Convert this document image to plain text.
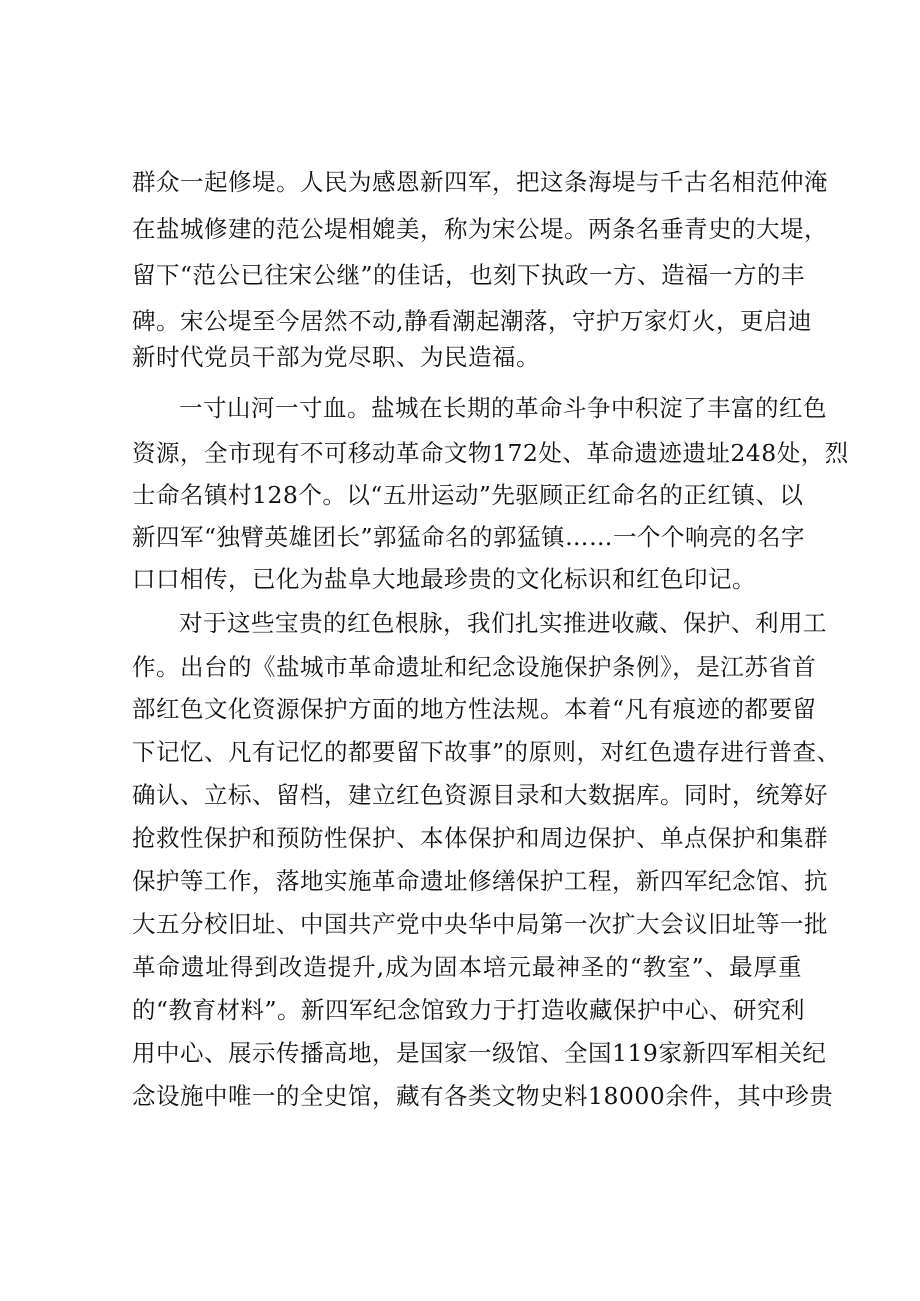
群众一起修堤。人民为感恩新四军，把这条海堤与千古名相范仲淹
在盐城修建的范公堤相媲美，称为宋公堤。两条名垂青史的大堤，
留下“范公已往宋公继”的佳话，也刻下执政一方、造福一方的丰
碑。宋公堤至今居然不动,静看潮起潮落，守护万家灯火，更启迪
新时代党员干部为党尽职、为民造福。
一寸山河一寸血。盐城在长期的革命斗争中积淀了丰富的红色
资源，全市现有不可移动革命文物172处、革命遗迹遗址248处，烈
士命名镇村128个。以“五卅运动”先驱顾正红命名的正红镇、以
新四军“独臂英雄团长”郭猛命名的郭猛镇……一个个响亮的名字
口口相传，已化为盐阜大地最珍贵的文化标识和红色印记。
对于这些宝贵的红色根脉，我们扎实推进收藏、保护、利用工
作。出台的《盐城市革命遗址和纪念设施保护条例》，是江苏省首
部红色文化资源保护方面的地方性法规。本着“凡有痕迹的都要留
下记忆、凡有记忆的都要留下故事”的原则，对红色遗存进行普查、
确认、立标、留档，建立红色资源目录和大数据库。同时，统筹好
抢救性保护和预防性保护、本体保护和周边保护、单点保护和集群
保护等工作，落地实施革命遗址修缮保护工程，新四军纪念馆、抗
大五分校旧址、中国共产党中央华中局第一次扩大会议旧址等一批
革命遗址得到改造提升,成为固本培元最神圣的“教室”、最厚重
的“教育材料”。新四军纪念馆致力于打造收藏保护中心、研究利
用中心、展示传播高地，是国家一级馆、全国119家新四军相关纪
念设施中唯一的全史馆，藏有各类文物史料18000余件，其中珍贵
